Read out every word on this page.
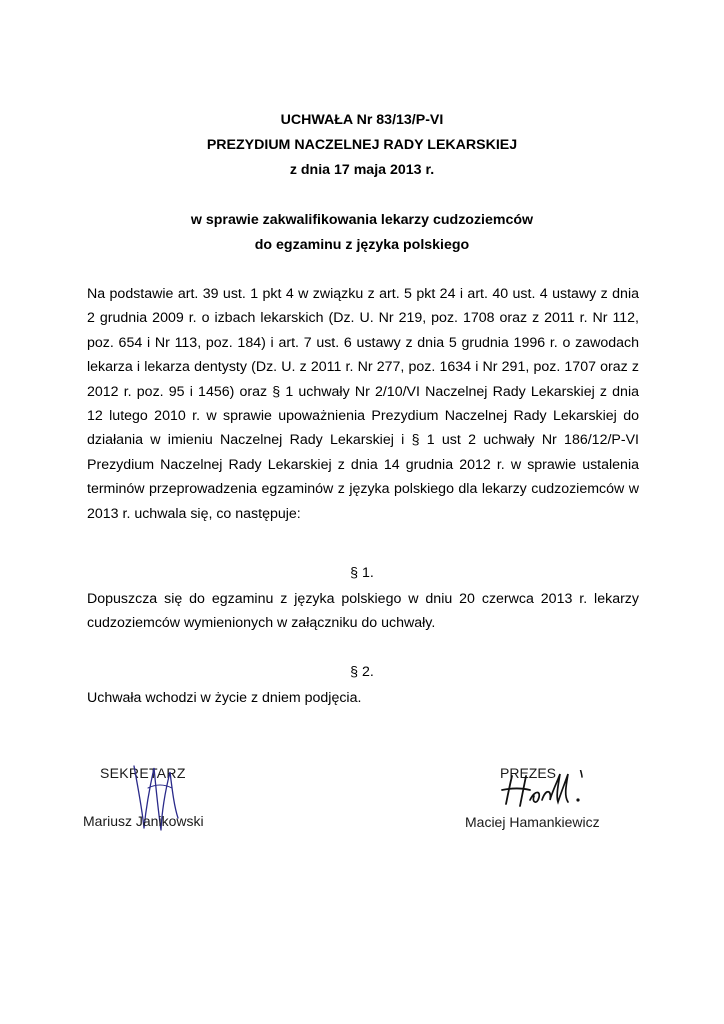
UCHWAŁA Nr 83/13/P-VI
PREZYDIUM NACZELNEJ RADY LEKARSKIEJ
z dnia 17 maja 2013 r.
w sprawie zakwalifikowania lekarzy cudzoziemców
do egzaminu z języka polskiego
Na podstawie art. 39 ust. 1 pkt 4 w związku z art. 5 pkt 24 i art. 40 ust. 4 ustawy z dnia 2 grudnia 2009 r. o izbach lekarskich (Dz. U. Nr 219, poz. 1708 oraz z 2011 r. Nr 112, poz. 654 i Nr 113, poz. 184) i art. 7 ust. 6 ustawy z dnia 5 grudnia 1996 r. o zawodach lekarza i lekarza dentysty (Dz. U. z 2011 r. Nr 277, poz. 1634 i Nr 291, poz. 1707 oraz z 2012 r. poz. 95 i 1456) oraz § 1 uchwały Nr 2/10/VI Naczelnej Rady Lekarskiej z dnia 12 lutego 2010 r. w sprawie upoważnienia Prezydium Naczelnej Rady Lekarskiej do działania w imieniu Naczelnej Rady Lekarskiej i § 1 ust 2 uchwały Nr 186/12/P-VI Prezydium Naczelnej Rady Lekarskiej z dnia 14 grudnia 2012 r. w sprawie ustalenia terminów przeprowadzenia egzaminów z języka polskiego dla lekarzy cudzoziemców w 2013 r. uchwala się, co następuje:
§ 1.
Dopuszcza się do egzaminu z języka polskiego w dniu 20 czerwca 2013 r. lekarzy cudzoziemców wymienionych w załączniku do uchwały.
§ 2.
Uchwała wchodzi w życie z dniem podjęcia.
SEKRETARZ
Mariusz Janikowski
PREZES
Maciej Hamankiewicz
